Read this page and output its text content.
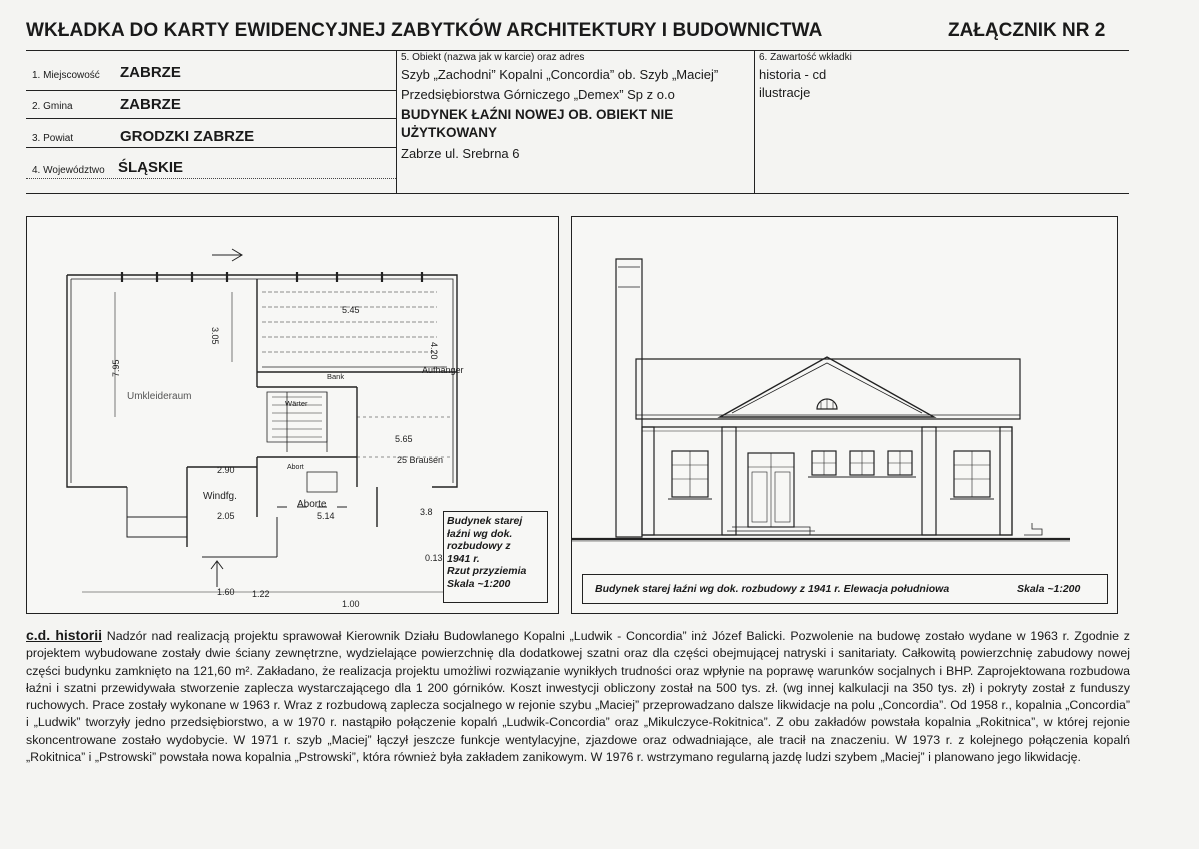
WKŁADKA DO KARTY EWIDENCYJNEJ ZABYTKÓW ARCHITEKTURY I BUDOWNICTWA	ZAŁĄCZNIK NR 2
1. Miejscowość ZABRZE
2. Gmina	ZABRZE
3. Powiat	GRODZKI ZABRZE
4. Województwo ŚLĄSKIE
5. Obiekt (nazwa jak w karcie) oraz adres
Szyb „Zachodni” Kopalni „Concordia” ob. Szyb „Maciej”
Przedsiębiorstwa Górniczego „Demex” Sp z o.o
BUDYNEK ŁAŹNI NOWEJ OB. OBIEKT NIE
UŻYTKOWANY
Zabrze ul. Srebrna 6
6. Zawartość wkładki
historia - cd
ilustracje
5.45
4.20
3.05
7.95
5.65
5.14
2.90
2.05
1.60 1.22
1.00
3.8
0.13
Bank
Aufhänger
Umkleideraum
Windfg.
Aborte
Abort
25 Brausen
Wärter
Budynek starej
łaźni wg dok.
rozbudowy z
1941 r.
Rzut przyziemia
Skala ~1:200	Budynek starej łaźni wg dok. rozbudowy z 1941 r. Elewacja południowa	Skala ~1:200
c.d. historii Nadzór nad realizacją projektu sprawował Kierownik Działu Budowlanego Kopalni „Ludwik - Concordia” inż Józef Balicki. Pozwolenie na budowę zostało wydane w 1963 r. Zgodnie z projektem wybudowane zostały dwie ściany zewnętrzne, wydzielające powierzchnię dla dodatkowej szatni oraz dla części obejmującej natryski i sanitariaty. Całkowitą powierzchnię zabudowy nowej części budynku zamknięto na 121,60 m². Zakładano, że realizacja projektu umożliwi rozwiązanie wynikłych trudności oraz wpłynie na poprawę warunków socjalnych i BHP. Zaprojektowana rozbudowa łaźni i szatni przewidywała stworzenie zaplecza wystarczającego dla 1 200 górników. Koszt inwestycji obliczony został na 500 tys. zł. (wg innej kalkulacji na 350 tys. zł) i pokryty został z funduszy ruchowych. Prace zostały wykonane w 1963 r. Wraz z rozbudową zaplecza socjalnego w rejonie szybu „Maciej” przeprowadzano dalsze likwidacje na polu „Concordia”. Od 1958 r., kopalnia „Concordia” i „Ludwik” tworzyły jedno przedsiębiorstwo, a w 1970 r. nastąpiło połączenie kopalń „Ludwik-Concordia” oraz „Mikulczyce-Rokitnica”. Z obu zakładów powstała kopalnia „Rokitnica”, w której rejonie skoncentrowane zostało wydobycie. W 1971 r. szyb „Maciej” łączył jeszcze funkcje wentylacyjne, zjazdowe oraz odwadniające, ale tracił na znaczeniu. W 1973 r. z kolejnego połączenia kopalń „Rokitnica” i „Pstrowski” powstała nowa kopalnia „Pstrowski”, która również była zakładem zanikowym. W 1976 r. wstrzymano regularną jazdę ludzi szybem „Maciej” i planowano jego likwidację.
